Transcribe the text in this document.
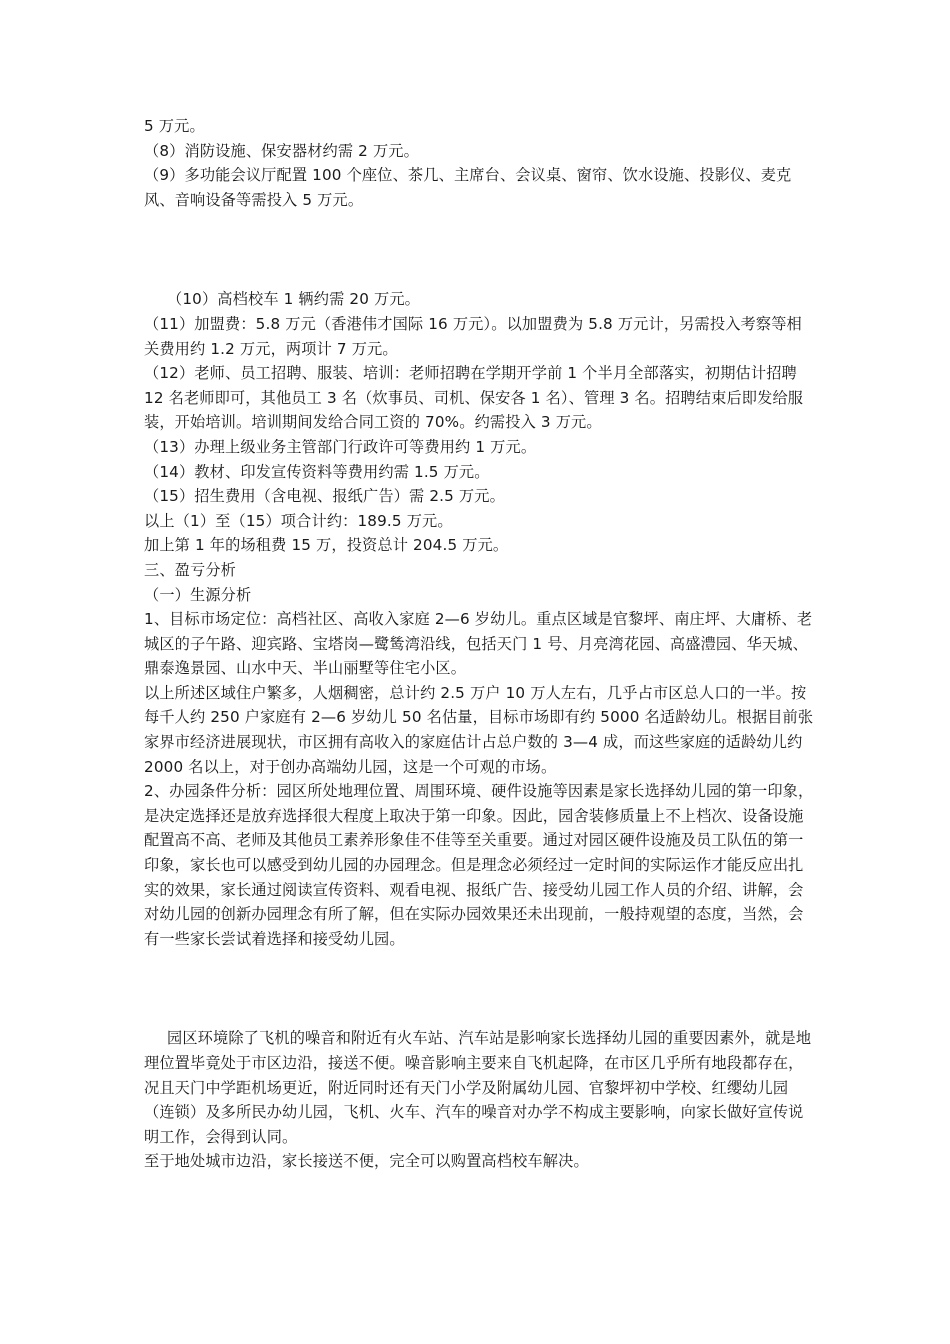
5 万元。

（8）消防设施、保安器材约需 2 万元。

（9）多功能会议厅配置 100 个座位、茶几、主席台、会议桌、窗帘、饮水设施、投影仪、麦克风、音响设备等需投入 5 万元。

（10）高档校车 1 辆约需 20 万元。

（11）加盟费：5.8 万元（香港伟才国际 16 万元）。以加盟费为 5.8 万元计，另需投入考察等相关费用约 1.2 万元，两项计 7 万元。

（12）老师、员工招聘、服装、培训：老师招聘在学期开学前 1 个半月全部落实，初期估计招聘 12 名老师即可，其他员工 3 名（炊事员、司机、保安各 1 名）、管理 3 名。招聘结束后即发给服装，开始培训。培训期间发给合同工资的 70%。约需投入 3 万元。

（13）办理上级业务主管部门行政许可等费用约 1 万元。

（14）教材、印发宣传资料等费用约需 1.5 万元。

（15）招生费用（含电视、报纸广告）需 2.5 万元。

以上（1）至（15）项合计约：189.5 万元。

加上第 1 年的场租费 15 万，投资总计 204.5 万元。

三、盈亏分析

（一）生源分析

1、目标市场定位：高档社区、高收入家庭 2—6 岁幼儿。重点区域是官黎坪、南庄坪、大庸桥、老城区的子午路、迎宾路、宝塔岗—鹭鸶湾沿线，包括天门 1 号、月亮湾花园、高盛澧园、华天城、鼎泰逸景园、山水中天、半山丽墅等住宅小区。

以上所述区域住户繁多，人烟稠密，总计约 2.5 万户 10 万人左右，几乎占市区总人口的一半。按每千人约 250 户家庭有 2—6 岁幼儿 50 名估量，目标市场即有约 5000 名适龄幼儿。根据目前张家界市经济进展现状，市区拥有高收入的家庭估计占总户数的 3—4 成，而这些家庭的适龄幼儿约 2000 名以上，对于创办高端幼儿园，这是一个可观的市场。

2、办园条件分析：园区所处地理位置、周围环境、硬件设施等因素是家长选择幼儿园的第一印象，是决定选择还是放弃选择很大程度上取决于第一印象。因此，园舍装修质量上不上档次、设备设施配置高不高、老师及其他员工素养形象佳不佳等至关重要。通过对园区硬件设施及员工队伍的第一印象，家长也可以感受到幼儿园的办园理念。但是理念必须经过一定时间的实际运作才能反应出扎实的效果，家长通过阅读宣传资料、观看电视、报纸广告、接受幼儿园工作人员的介绍、讲解，会对幼儿园的创新办园理念有所了解，但在实际办园效果还未出现前，一般持观望的态度，当然，会有一些家长尝试着选择和接受幼儿园。

园区环境除了飞机的噪音和附近有火车站、汽车站是影响家长选择幼儿园的重要因素外，就是地理位置毕竟处于市区边沿，接送不便。噪音影响主要来自飞机起降，在市区几乎所有地段都存在，况且天门中学距机场更近，附近同时还有天门小学及附属幼儿园、官黎坪初中学校、红缨幼儿园（连锁）及多所民办幼儿园，飞机、火车、汽车的噪音对办学不构成主要影响，向家长做好宣传说明工作，会得到认同。

至于地处城市边沿，家长接送不便，完全可以购置高档校车解决。
